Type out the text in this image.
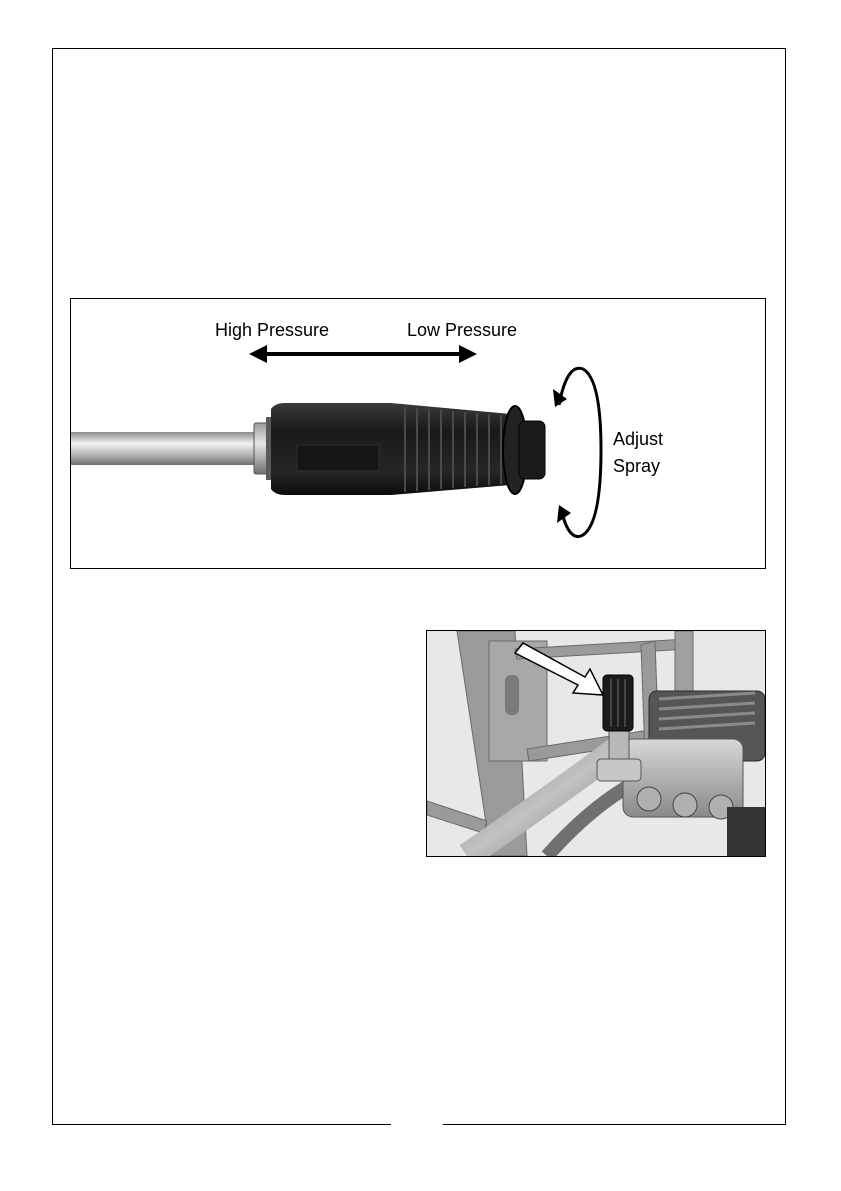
High Pressure	Low Pressure
Adjust
Spray
